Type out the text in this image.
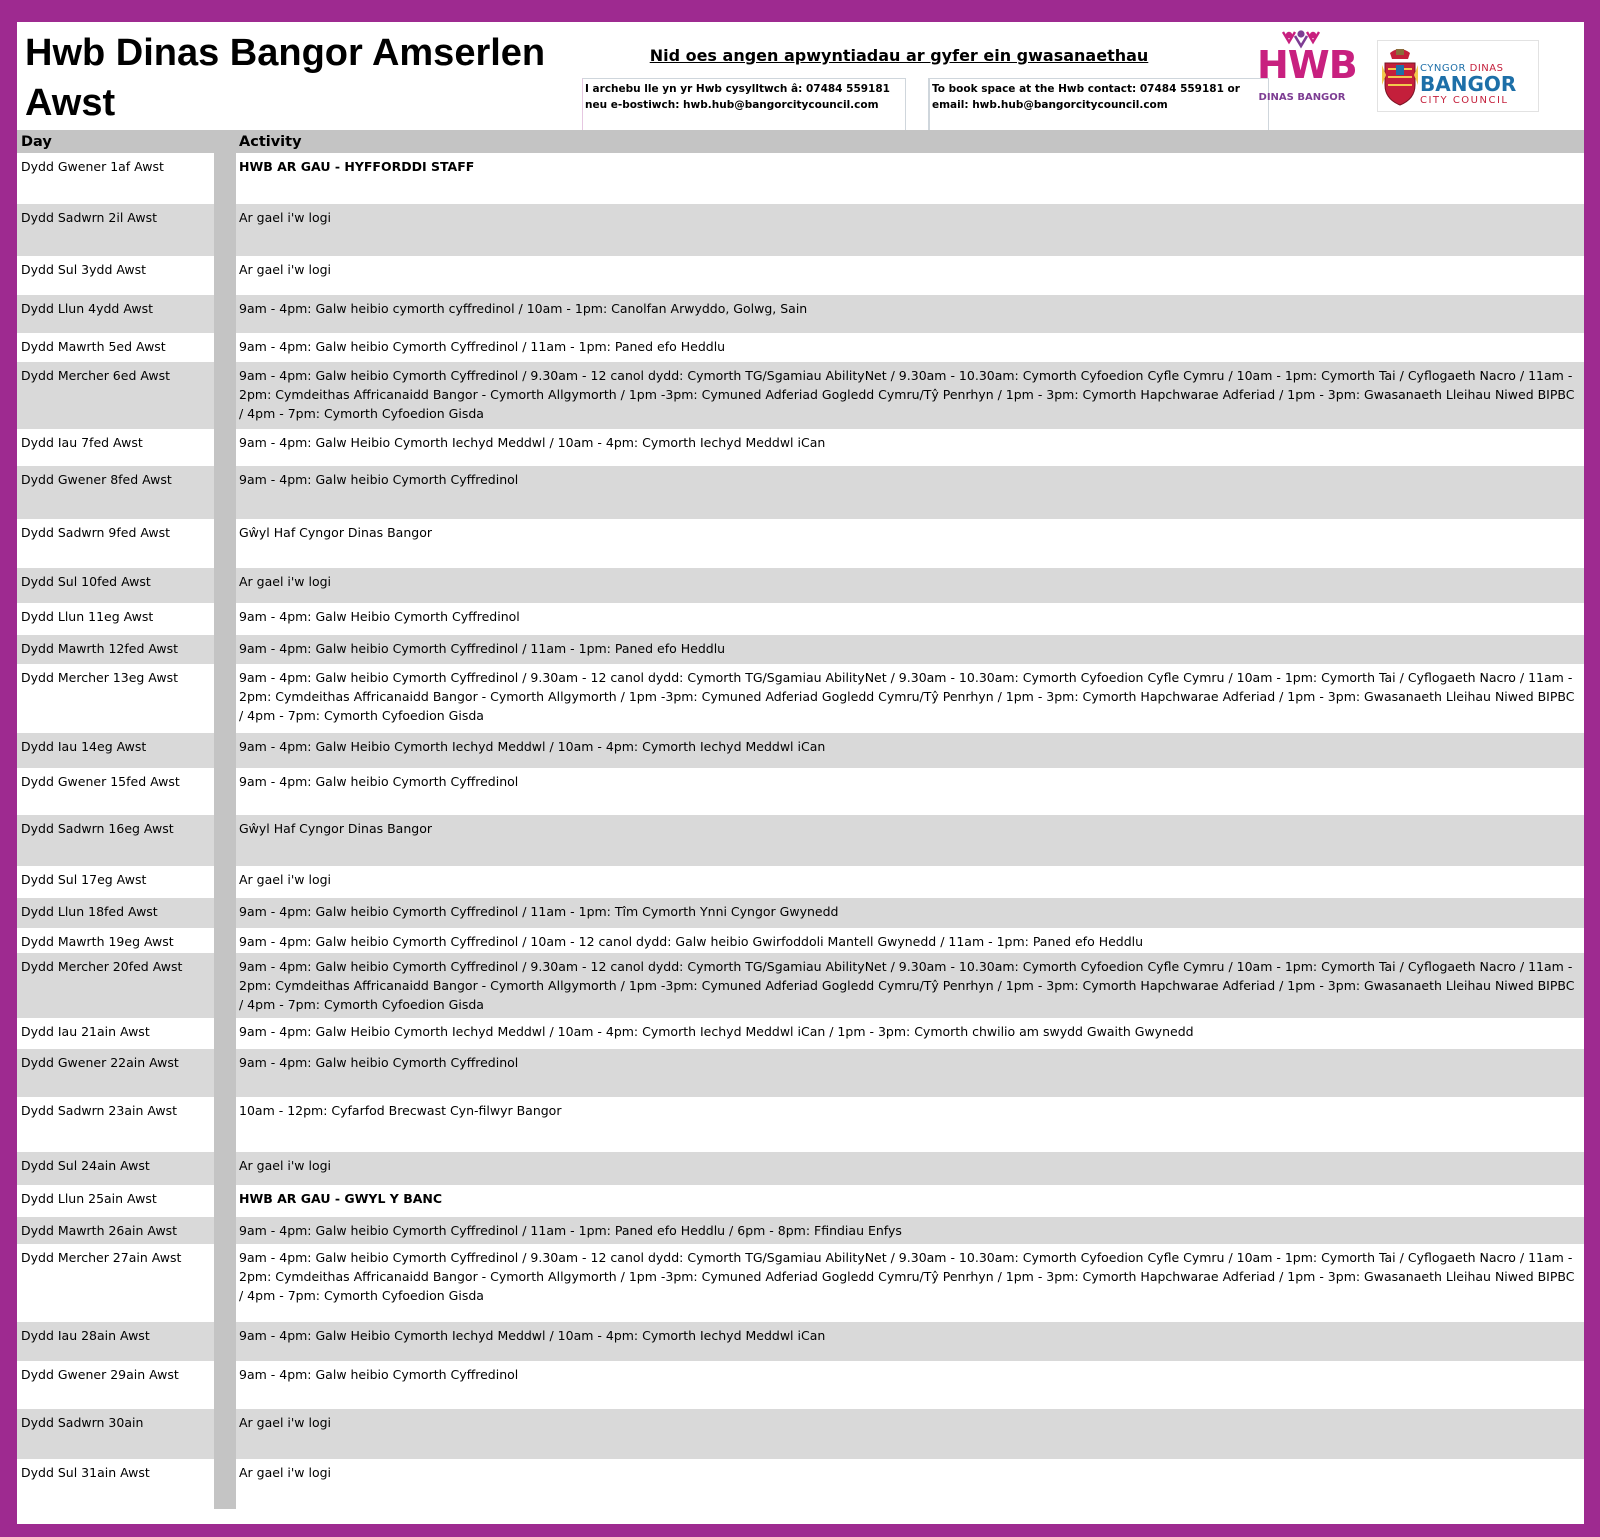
Hwb Dinas Bangor Amserlen Awst
Nid oes angen apwyntiadau ar gyfer ein gwasanaethau
I archebu lle yn yr Hwb cysylltwch â: 07484 559181 neu e-bostiwch: hwb.hub@bangorcitycouncil.com
To book space at the Hwb contact: 07484 559181 or email: hwb.hub@bangorcitycouncil.com
HWB
DINAS BANGOR
CYNGOR DINAS
BANGOR
CITY COUNCIL
Day	Activity
Dydd Gwener 1af Awst	HWB AR GAU - HYFFORDDI STAFF
Dydd Sadwrn 2il Awst	Ar gael i'w logi
Dydd Sul 3ydd Awst	Ar gael i'w logi
Dydd Llun 4ydd Awst	9am - 4pm: Galw heibio cymorth cyffredinol / 10am - 1pm: Canolfan Arwyddo, Golwg, Sain
Dydd Mawrth 5ed Awst	9am - 4pm: Galw heibio Cymorth Cyffredinol / 11am - 1pm: Paned efo Heddlu
Dydd Mercher 6ed Awst	9am - 4pm: Galw heibio Cymorth Cyffredinol / 9.30am - 12 canol dydd: Cymorth TG/Sgamiau AbilityNet / 9.30am - 10.30am: Cymorth Cyfoedion Cyfle Cymru / 10am - 1pm: Cymorth Tai / Cyflogaeth Nacro / 11am - 2pm: Cymdeithas Affricanaidd Bangor - Cymorth Allgymorth / 1pm -3pm: Cymuned Adferiad Gogledd Cymru/Tŷ Penrhyn / 1pm - 3pm: Cymorth Hapchwarae Adferiad / 1pm - 3pm: Gwasanaeth Lleihau Niwed BIPBC / 4pm - 7pm: Cymorth Cyfoedion Gisda
Dydd Iau 7fed Awst	9am - 4pm: Galw Heibio Cymorth Iechyd Meddwl / 10am - 4pm: Cymorth Iechyd Meddwl iCan
Dydd Gwener 8fed Awst	9am - 4pm: Galw heibio Cymorth Cyffredinol
Dydd Sadwrn 9fed Awst	Gŵyl Haf Cyngor Dinas Bangor
Dydd Sul 10fed Awst	Ar gael i'w logi
Dydd Llun 11eg Awst	9am - 4pm: Galw Heibio Cymorth Cyffredinol
Dydd Mawrth 12fed Awst	9am - 4pm: Galw heibio Cymorth Cyffredinol / 11am - 1pm: Paned efo Heddlu
Dydd Mercher 13eg Awst	9am - 4pm: Galw heibio Cymorth Cyffredinol / 9.30am - 12 canol dydd: Cymorth TG/Sgamiau AbilityNet / 9.30am - 10.30am: Cymorth Cyfoedion Cyfle Cymru / 10am - 1pm: Cymorth Tai / Cyflogaeth Nacro / 11am - 2pm: Cymdeithas Affricanaidd Bangor - Cymorth Allgymorth / 1pm -3pm: Cymuned Adferiad Gogledd Cymru/Tŷ Penrhyn / 1pm - 3pm: Cymorth Hapchwarae Adferiad / 1pm - 3pm: Gwasanaeth Lleihau Niwed BIPBC / 4pm - 7pm: Cymorth Cyfoedion Gisda
Dydd Iau 14eg Awst	9am - 4pm: Galw Heibio Cymorth Iechyd Meddwl / 10am - 4pm: Cymorth Iechyd Meddwl iCan
Dydd Gwener 15fed Awst	9am - 4pm: Galw heibio Cymorth Cyffredinol
Dydd Sadwrn 16eg Awst	Gŵyl Haf Cyngor Dinas Bangor
Dydd Sul 17eg Awst	Ar gael i'w logi
Dydd Llun 18fed Awst	9am - 4pm: Galw heibio Cymorth Cyffredinol / 11am - 1pm: Tîm Cymorth Ynni Cyngor Gwynedd
Dydd Mawrth 19eg Awst	9am - 4pm: Galw heibio Cymorth Cyffredinol / 10am - 12 canol dydd: Galw heibio Gwirfoddoli Mantell Gwynedd / 11am - 1pm: Paned efo Heddlu
Dydd Mercher 20fed Awst	9am - 4pm: Galw heibio Cymorth Cyffredinol / 9.30am - 12 canol dydd: Cymorth TG/Sgamiau AbilityNet / 9.30am - 10.30am: Cymorth Cyfoedion Cyfle Cymru / 10am - 1pm: Cymorth Tai / Cyflogaeth Nacro / 11am - 2pm: Cymdeithas Affricanaidd Bangor - Cymorth Allgymorth / 1pm -3pm: Cymuned Adferiad Gogledd Cymru/Tŷ Penrhyn / 1pm - 3pm: Cymorth Hapchwarae Adferiad / 1pm - 3pm: Gwasanaeth Lleihau Niwed BIPBC / 4pm - 7pm: Cymorth Cyfoedion Gisda
Dydd Iau 21ain Awst	9am - 4pm: Galw Heibio Cymorth Iechyd Meddwl / 10am - 4pm: Cymorth Iechyd Meddwl iCan / 1pm - 3pm: Cymorth chwilio am swydd Gwaith Gwynedd
Dydd Gwener 22ain Awst	9am - 4pm: Galw heibio Cymorth Cyffredinol
Dydd Sadwrn 23ain Awst	10am - 12pm: Cyfarfod Brecwast Cyn-filwyr Bangor
Dydd Sul 24ain Awst	Ar gael i'w logi
Dydd Llun 25ain Awst	HWB AR GAU - GWYL Y BANC
Dydd Mawrth 26ain Awst	9am - 4pm: Galw heibio Cymorth Cyffredinol / 11am - 1pm: Paned efo Heddlu / 6pm - 8pm: Ffindiau Enfys
Dydd Mercher 27ain Awst	9am - 4pm: Galw heibio Cymorth Cyffredinol / 9.30am - 12 canol dydd: Cymorth TG/Sgamiau AbilityNet / 9.30am - 10.30am: Cymorth Cyfoedion Cyfle Cymru / 10am - 1pm: Cymorth Tai / Cyflogaeth Nacro / 11am - 2pm: Cymdeithas Affricanaidd Bangor - Cymorth Allgymorth / 1pm -3pm: Cymuned Adferiad Gogledd Cymru/Tŷ Penrhyn / 1pm - 3pm: Cymorth Hapchwarae Adferiad / 1pm - 3pm: Gwasanaeth Lleihau Niwed BIPBC / 4pm - 7pm: Cymorth Cyfoedion Gisda
Dydd Iau 28ain Awst	9am - 4pm: Galw Heibio Cymorth Iechyd Meddwl / 10am - 4pm: Cymorth Iechyd Meddwl iCan
Dydd Gwener 29ain Awst	9am - 4pm: Galw heibio Cymorth Cyffredinol
Dydd Sadwrn 30ain	Ar gael i'w logi
Dydd Sul 31ain Awst	Ar gael i'w logi
